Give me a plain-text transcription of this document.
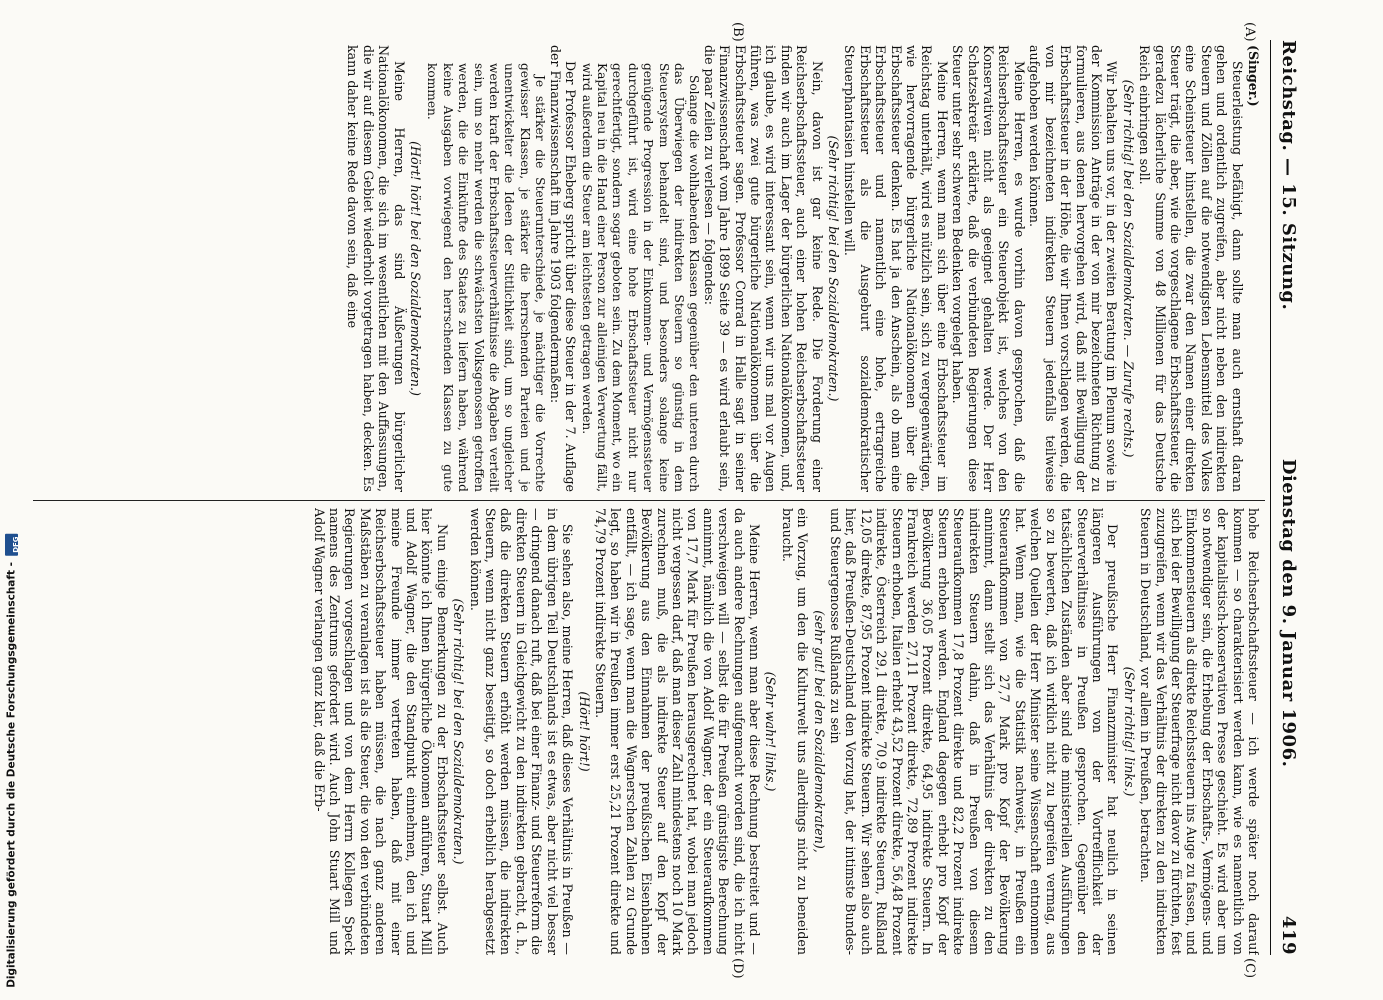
Reichstag. — 15. Sitzung.
Dienstag den 9. Januar 1906.
419
(A)
(B)
(C)
(D)
(Singer.)

Steuerleistung befähigt, dann sollte man auch ernsthaft daran gehen und ordentlich zugreifen, aber nicht neben den indirekten Steuern und Zöllen auf die notwendigsten Lebensmittel des Volkes eine Scheinsteuer hinstellen, die zwar den Namen einer direkten Steuer trägt, die aber, wie die vorgeschlagene Erbschaftssteuer, die geradezu lächerliche Summe von 48 Millionen für das Deutsche Reich einbringen soll.

(Sehr richtig! bei den Sozialdemokraten. — Zurufe rechts.)

Wir behalten uns vor, in der zweiten Beratung im Plenum sowie in der Kommission Anträge in der von mir bezeichneten Richtung zu formulieren, aus denen hervorgehen wird, daß mit Bewilligung der Erbschaftssteuer in der Höhe, die wir Ihnen vorschlagen werden, die von mir bezeichneten indirekten Steuern jedenfalls teilweise aufgehoben werden können.

Meine Herren, es wurde vorhin davon gesprochen, daß die Reichserbschaftssteuer ein Steuerobjekt ist, welches von den Konservativen nicht als geeignet gehalten werde. Der Herr Schatzsekretär erklärte, daß die verbündeten Regierungen diese Steuer unter sehr schweren Bedenken vorgelegt haben.

Meine Herren, wenn man sich über eine Erbschaftssteuer im Reichstag unterhält, wird es nützlich sein, sich zu vergegenwärtigen, wie hervorragende bürgerliche Nationalökonomen über die Erbschaftssteuer denken. Es hat ja den Anschein, als ob man eine Erbschaftssteuer und namentlich eine hohe, ertragreiche Erbschaftssteuer als die Ausgeburt sozialdemokratischer Steuerphantasien hinstellen will.

(Sehr richtig! bei den Sozialdemokraten.)

Nein, davon ist gar keine Rede. Die Forderung einer Reichserbschaftssteuer, auch einer hohen Reichserbschaftssteuer finden wir auch im Lager der bürgerlichen Nationalökonomen, und, ich glaube, es wird interessant sein, wenn wir uns mal vor Augen führen, was zwei gute bürgerliche Nationalökonomen über die Erbschaftssteuer sagen. Professor Conrad in Halle sagt in seiner Finanzwissenschaft vom Jahre 1899 Seite 39 — es wird erlaubt sein, die paar Zeilen zu verlesen — folgendes:

Solange die wohlhabenden Klassen gegenüber den unteren durch das Überwiegen der indirekten Steuern so günstig in dem Steuersystem behandelt sind, und besonders solange keine genügende Progression in der Einkommen- und Vermögenssteuer durchgeführt ist, wird eine hohe Erbschaftssteuer nicht nur gerechtfertigt, sondern sogar geboten sein. Zu dem Moment, wo ein Kapital neu in die Hand einer Person zur alleinigen Verwertung fällt, wird außerdem die Steuer am leichtesten getragen werden.

Der Professor Eheberg spricht über diese Steuer in der 7. Auflage der Finanzwissenschaft im Jahre 1903 folgendermaßen:

Je stärker die Steuerunterschiede, je mächtiger die Vorrechte gewisser Klassen, je stärker die herrschenden Parteien und je unentwickelter die Ideen der Sittlichkeit sind, um so ungleicher werden kraft der Erbschaftssteuerverhältnisse die Abgaben verteilt sein, um so mehr werden die schwächsten Volksgenossen getroffen werden, die die Einkünfte des Staates zu liefern haben, während keine Ausgaben vorwiegend den herrschenden Klassen zu gute kommen.

(Hört! hört! bei den Sozialdemokraten.)

Meine Herren, das sind Äußerungen bürgerlicher Nationalökonomen, die sich im wesentlichen mit den Auffassungen, die wir auf diesem Gebiet wiederholt vorgetragen haben, decken. Es kann daher keine Rede davon sein, daß eine

hohe Reichserbschaftssteuer — ich werde später noch darauf kommen — so charakterisiert werden kann, wie es namentlich von der kapitalistisch-konservativen Presse geschieht. Es wird aber um so notwendiger sein, die Erhebung der Erbschafts-, Vermögens- und Einkommensteuern als direkte Reichssteuern ins Auge zu fassen, und sich bei der Bewilligung der Steuerfrage nicht davor zu fürchten, fest zuzugreifen, wenn wir das Verhältnis der direkten zu den indirekten Steuern in Deutschland, vor allem in Preußen, betrachten.

(Sehr richtig! links.)

Der preußische Herr Finanzminister hat neulich in seinen längeren Ausführungen von der Vortrefflichkeit der Steuerverhältnisse in Preußen gesprochen. Gegenüber den tatsächlichen Zuständen aber sind die ministeriellen Ausführungen so zu bewerten, daß ich wirklich nicht zu begreifen vermag, aus welchen Quellen der Herr Minister seine Wissenschaft entnommen hat. Wenn man, wie die Statistik nachweist, in Preußen ein Steueraufkommen von 27,7 Mark pro Kopf der Bevölkerung annimmt, dann stellt sich das Verhältnis der direkten zu den indirekten Steuern dahin, daß in Preußen von diesem Steueraufkommen 17,8 Prozent direkte und 82,2 Prozent indirekte Steuern erhoben werden. England dagegen erhebt pro Kopf der Bevölkerung 36,05 Prozent direkte, 64,95 indirekte Steuern. In Frankreich werden 27,11 Prozent direkte, 72,89 Prozent indirekte Steuern erhoben, Italien erhebt 43,52 Prozent direkte, 56,48 Prozent indirekte, Österreich 29,1 direkte, 70,9 indirekte Steuern, Rußland 12,05 direkte, 87,95 Prozent indirekte Steuern. Wir sehen also auch hier, daß Preußen-Deutschland den Vorzug hat, der intimste Bundes- und Steuergenosse Rußlands zu sein

(sehr gut! bei den Sozialdemokraten),

ein Vorzug, um den die Kulturwelt uns allerdings nicht zu beneiden braucht.

(Sehr wahr! links.)

Meine Herren, wenn man aber diese Rechnung bestreitet und — da auch andere Rechnungen aufgemacht worden sind, die ich nicht verschweigen will — selbst die für Preußen günstigste Berechnung annimmt, nämlich die von Adolf Wagner, der ein Steueraufkommen von 17,7 Mark für Preußen herausgerechnet hat, wobei man jedoch nicht vergessen darf, daß man dieser Zahl mindestens noch 10 Mark zurechnen muß, die als indirekte Steuer auf den Kopf der Bevölkerung aus den Einnahmen der preußischen Eisenbahnen entfällt, — ich sage, wenn man die Wagnerschen Zahlen zu Grunde legt, so haben wir in Preußen immer erst 25,21 Prozent direkte und 74,79 Prozent indirekte Steuern.

(Hört! hört!)

Sie sehen also, meine Herren, daß dieses Verhältnis in Preußen — in dem übrigen Teil Deutschlands ist es etwas, aber nicht viel besser — dringend danach ruft, daß bei einer Finanz- und Steuerreform die direkten Steuern in Gleichgewicht zu den indirekten gebracht, d. h., daß die direkten Steuern erhöht werden müssen, die indirekten Steuern, wenn nicht ganz beseitigt, so doch erheblich herabgesetzt werden können.

(Sehr richtig! bei den Sozialdemokraten.)

Nun einige Bemerkungen zu der Erbschaftssteuer selbst. Auch hier könnte ich Ihnen bürgerliche Ökonomen anführen, Stuart Mill und Adolf Wagner, die den Standpunkt einnehmen, den ich und meine Freunde immer vertreten haben, daß mit einer Reichserbschaftssteuer haben müssen, die nach ganz anderen Maßstäben zu veranlagen ist als die Steuer, die von den verbündeten Regierungen vorgeschlagen und von dem Herrn Kollegen Speck namens des Zentrums gefordert wird. Auch John Stuart Mill und Adolf Wagner verlangen ganz klar, daß die Erb-

Digitalisierung gefördert durch die Deutsche Forschungsgemeinschaft -
DFG
